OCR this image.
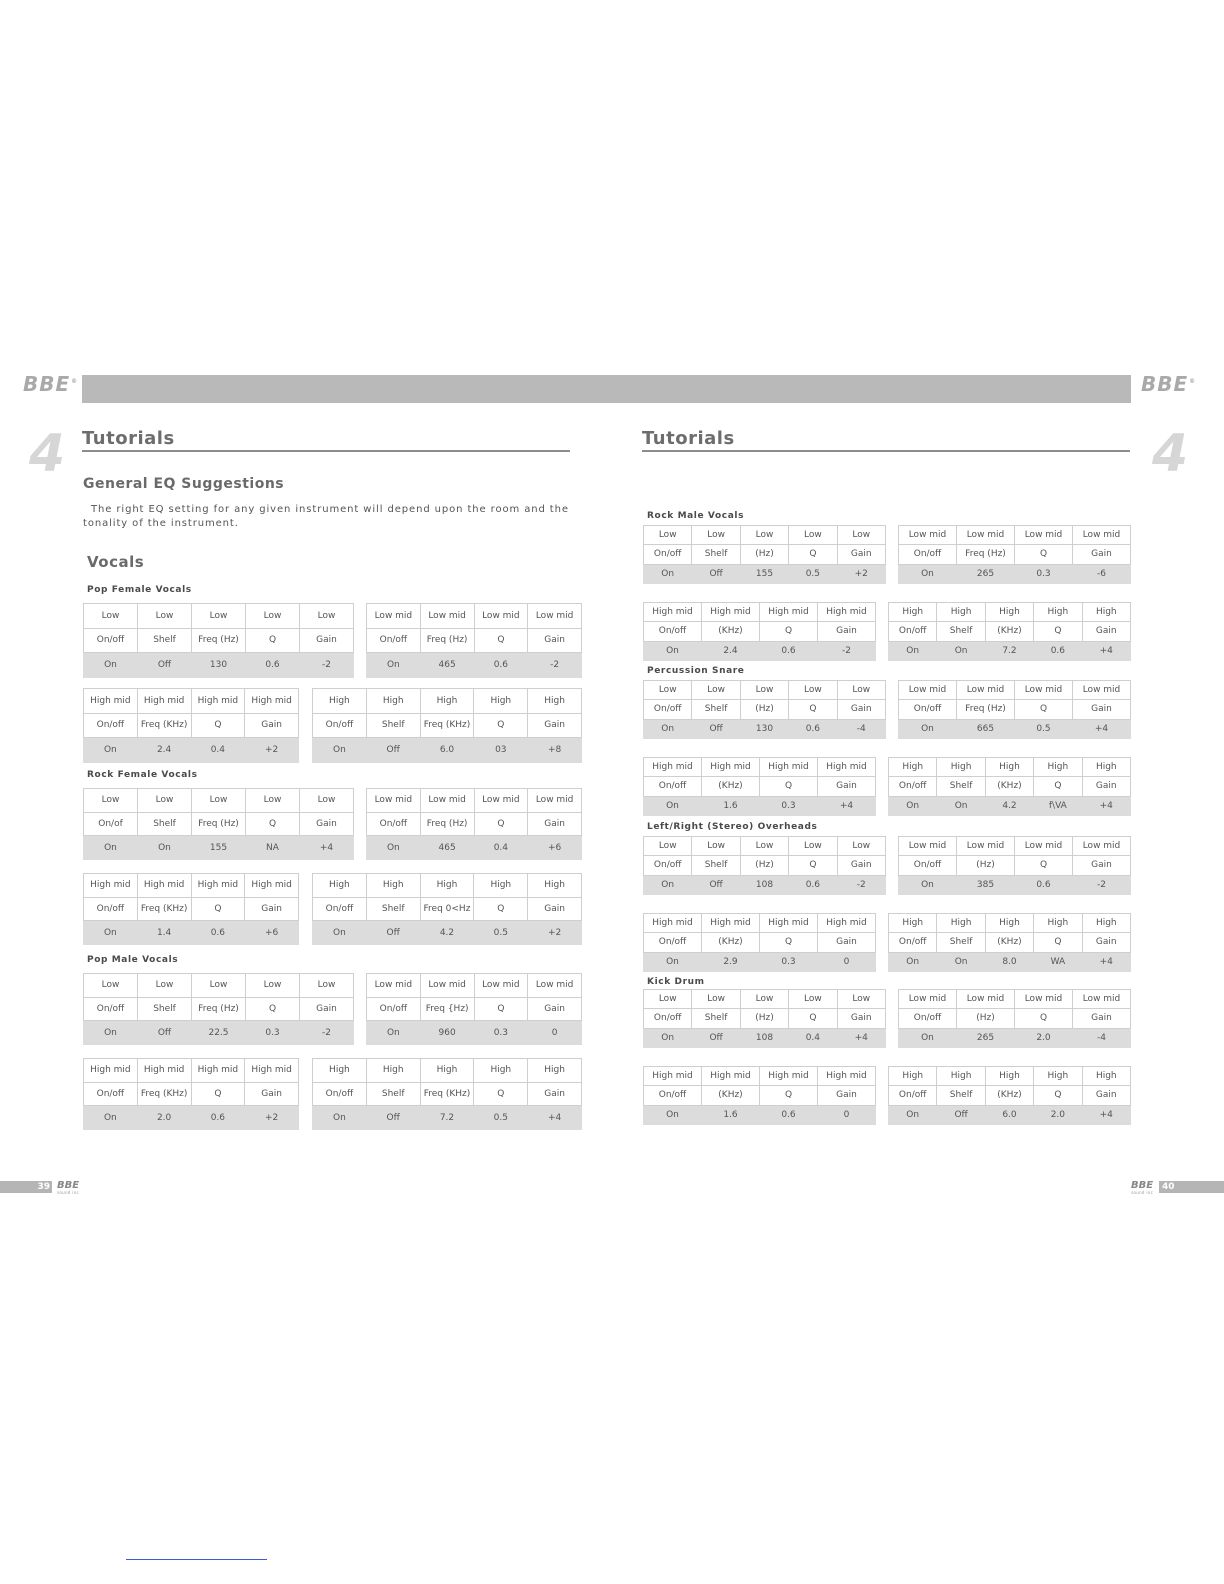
BBE®	BBE®
4 Tutorials
General EQ Suggestions
The right EQ setting for any given instrument will depend upon the room and the tonality of the instrument.
Vocals
Tutorials	4
Pop Female Vocals
Low	Low	Low	Low	Low
On/off	Shelf	Freq (Hz)	Q	Gain
On	Off	130	0.6	-2
Low mid	Low mid	Low mid	Low mid
On/off	Freq (Hz)	Q	Gain
On	465	0.6	-2
High mid	High mid	High mid	High mid
On/off	Freq (KHz)	Q	Gain
On	2.4	0.4	+2
High	High	High	High	High
On/off	Shelf	Freq (KHz)	Q	Gain
On	Off	6.0	03	+8
Rock Female Vocals
Low	Low	Low	Low	Low
On/of	Shelf	Freq (Hz)	Q	Gain
On	On	155	NA	+4
Low mid	Low mid	Low mid	Low mid
On/off	Freq (Hz)	Q	Gain
On	465	0.4	+6
High mid	High mid	High mid	High mid
On/off	Freq (KHz)	Q	Gain
On	1.4	0.6	+6
High	High	High	High	High
On/off	Shelf	Freq 0<Hz	Q	Gain
On	Off	4.2	0.5	+2
Pop Male Vocals
Low	Low	Low	Low	Low
On/off	Shelf	Freq (Hz)	Q	Gain
On	Off	22.5	0.3	-2
Low mid	Low mid	Low mid	Low mid
On/off	Freq {Hz)	Q	Gain
On	960	0.3	0
High mid	High mid	High mid	High mid
On/off	Freq (KHz)	Q	Gain
On	2.0	0.6	+2
High	High	High	High	High
On/off	Shelf	Freq (KHz)	Q	Gain
On	Off	7.2	0.5	+4
Rock Male Vocals
Low	Low	Low	Low	Low
On/off	Shelf	(Hz)	Q	Gain
On	Off	155	0.5	+2
Low mid	Low mid	Low mid	Low mid
On/off	Freq (Hz)	Q	Gain
On	265	0.3	-6
High mid	High mid	High mid	High mid
On/off	(KHz)	Q	Gain
On	2.4	0.6	-2
High	High	High	High	High
On/off	Shelf	(KHz)	Q	Gain
On	On	7.2	0.6	+4
Percussion Snare
Low	Low	Low	Low	Low
On/off	Shelf	(Hz)	Q	Gain
On	Off	130	0.6	-4
Low mid	Low mid	Low mid	Low mid
On/off	Freq (Hz)	Q	Gain
On	665	0.5	+4
High mid	High mid	High mid	High mid
On/off	(KHz)	Q	Gain
On	1.6	0.3	+4
High	High	High	High	High
On/off	Shelf	(KHz)	Q	Gain
On	On	4.2	f\VA	+4
Left/Right (Stereo) Overheads
Low	Low	Low	Low	Low
On/off	Shelf	(Hz)	Q	Gain
On	Off	108	0.6	-2
Low mid	Low mid	Low mid	Low mid
On/off	(Hz)	Q	Gain
On	385	0.6	-2
High mid	High mid	High mid	High mid
On/off	(KHz)	Q	Gain
On	2.9	0.3	0
High	High	High	High	High
On/off	Shelf	(KHz)	Q	Gain
On	On	8.0	WA	+4
Kick Drum
Low	Low	Low	Low	Low
On/off	Shelf	(Hz)	Q	Gain
On	Off	108	0.4	+4
Low mid	Low mid	Low mid	Low mid
On/off	(Hz)	Q	Gain
On	265	2.0	-4
High mid	High mid	High mid	High mid
On/off	(KHz)	Q	Gain
On	1.6	0.6	0
High	High	High	High	High
On/off	Shelf	(KHz)	Q	Gain
On	Off	6.0	2.0	+4
39 BBE
sound inc
BBE
sound inc
40
